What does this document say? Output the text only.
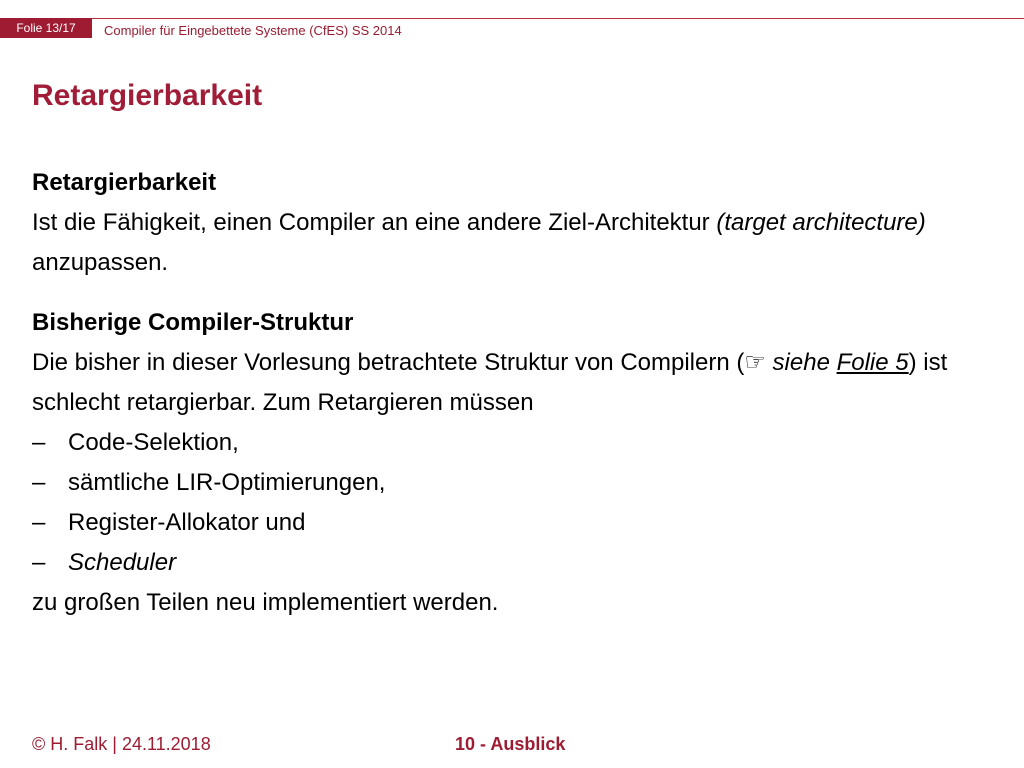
Folie 13/17	Compiler für Eingebettete Systeme (CfES) SS 2014
Retargierbarkeit
Retargierbarkeit
Ist die Fähigkeit, einen Compiler an eine andere Ziel-Architektur (target architecture) anzupassen.
Bisherige Compiler-Struktur
Die bisher in dieser Vorlesung betrachtete Struktur von Compilern (☞ siehe Folie 5) ist schlecht retargierbar. Zum Retargieren müssen
– Code-Selektion,
– sämtliche LIR-Optimierungen,
– Register-Allokator und
– Scheduler
zu großen Teilen neu implementiert werden.
© H. Falk | 24.11.2018	10 - Ausblick
